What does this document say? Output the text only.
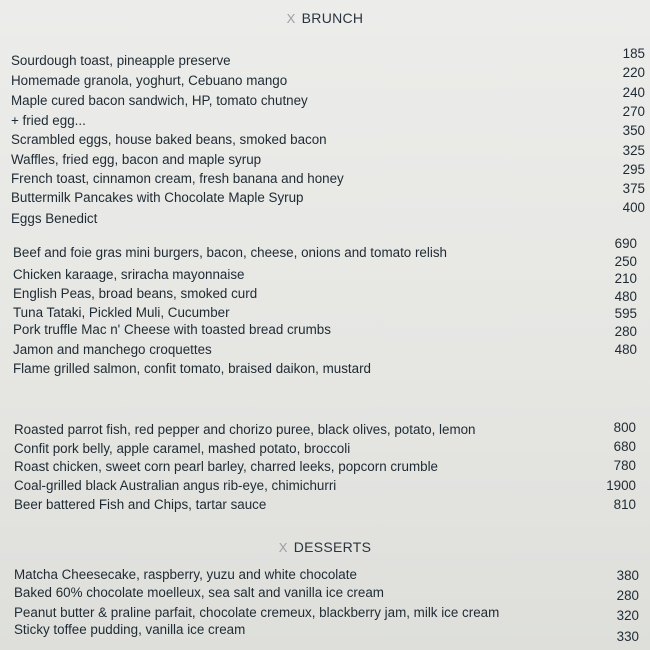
X BRUNCH
X DESSERTS
Sourdough toast, pineapple preserve
Homemade granola, yoghurt, Cebuano mango
Maple cured bacon sandwich, HP, tomato chutney
+ fried egg...
Scrambled eggs, house baked beans, smoked bacon
Waffles, fried egg, bacon and maple syrup
French toast, cinnamon cream, fresh banana and honey
Buttermilk Pancakes with Chocolate Maple Syrup
Eggs Benedict
185
220
240
270
350
325
295
375
400
Beef and foie gras mini burgers, bacon, cheese, onions and tomato relish
Chicken karaage, sriracha mayonnaise
English Peas, broad beans, smoked curd
Tuna Tataki, Pickled Muli, Cucumber
Pork truffle Mac n' Cheese with toasted bread crumbs
Jamon and manchego croquettes
Flame grilled salmon, confit tomato, braised daikon, mustard
690
250
210
480
595
280
480
Roasted parrot fish, red pepper and chorizo puree, black olives, potato, lemon
Confit pork belly, apple caramel, mashed potato, broccoli
Roast chicken, sweet corn pearl barley, charred leeks, popcorn crumble
Coal-grilled black Australian angus rib-eye, chimichurri
Beer battered Fish and Chips, tartar sauce
800
680
780
1900
810
Matcha Cheesecake, raspberry, yuzu and white chocolate
Baked 60% chocolate moelleux, sea salt and vanilla ice cream
Peanut butter & praline parfait, chocolate cremeux, blackberry jam, milk ice cream
Sticky toffee pudding, vanilla ice cream
380
280
320
330
